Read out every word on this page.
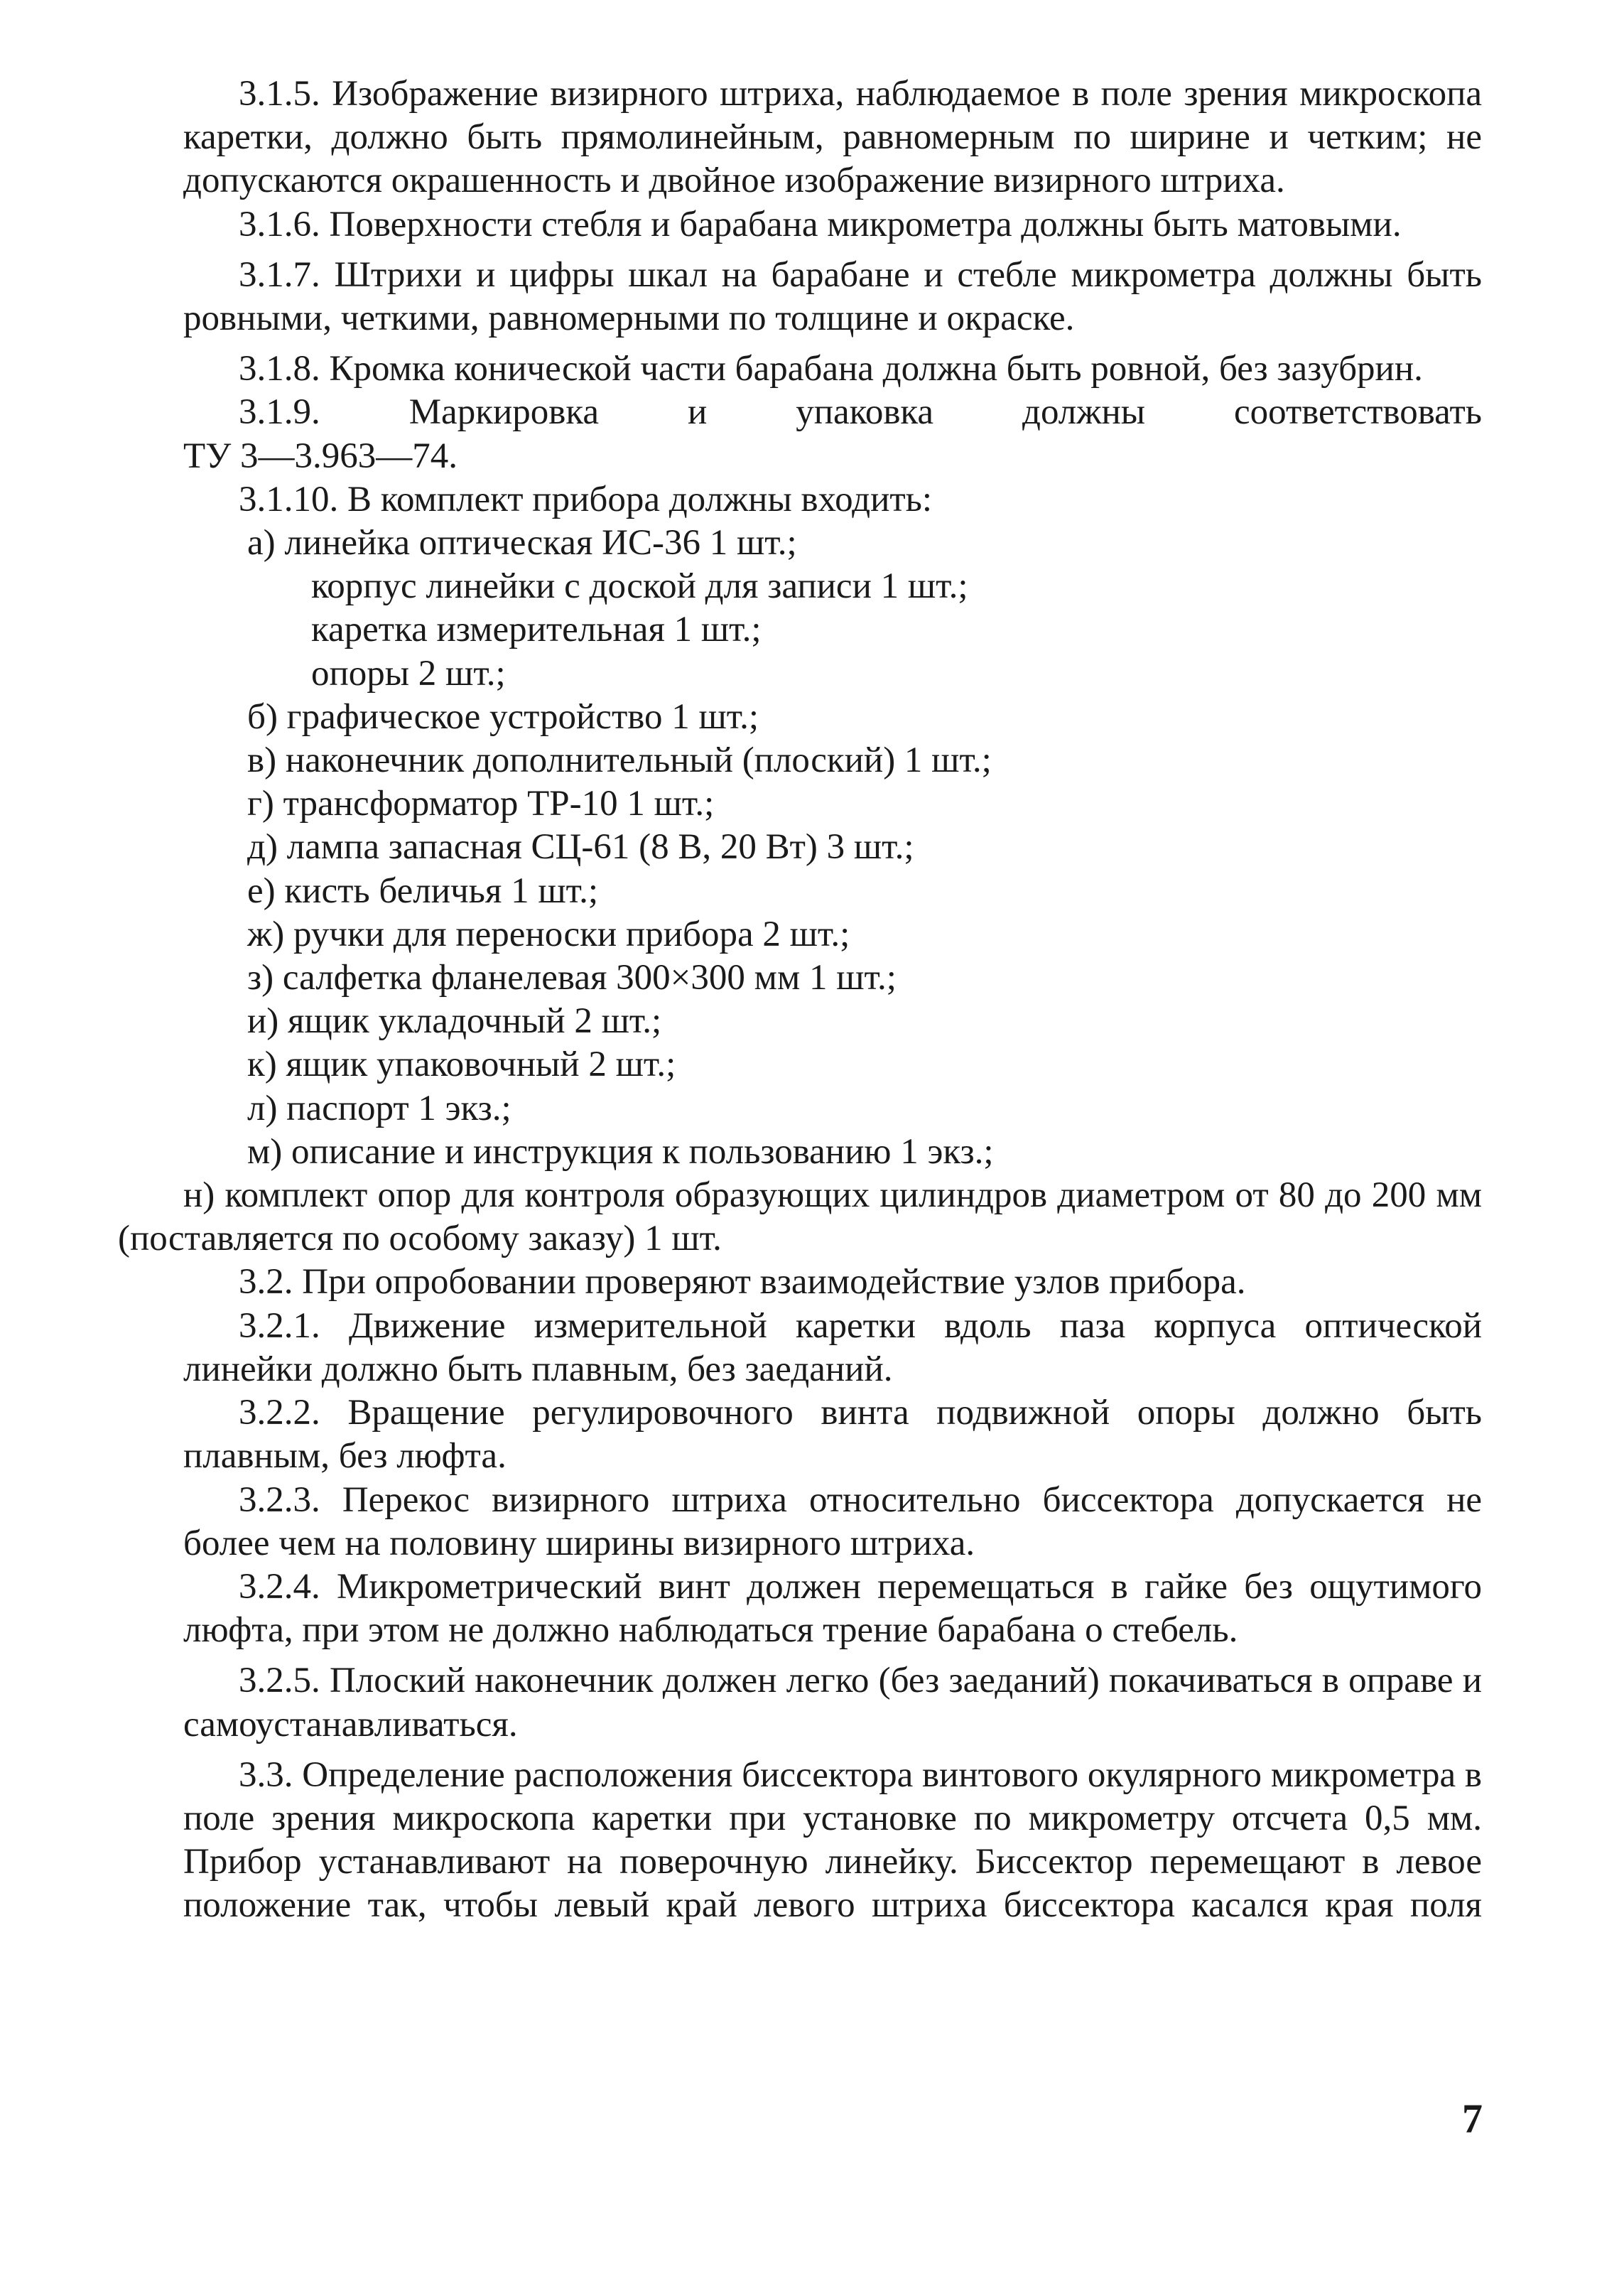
3.1.5. Изображение визирного штриха, наблюдаемое в поле зрения микроскопа каретки, должно быть прямолинейным, равномерным по ширине и четким; не допускаются окрашенность и двойное изображение визирного штриха.

3.1.6. Поверхности стебля и барабана микрометра должны быть матовыми.

3.1.7. Штрихи и цифры шкал на барабане и стебле микрометра должны быть ровными, четкими, равномерными по толщине и окраске.

3.1.8. Кромка конической части барабана должна быть ровной, без зазубрин.

3.1.9. Маркировка и упаковка должны соответствовать

ТУ 3—3.963—74.

3.1.10. В комплект прибора должны входить:

а) линейка оптическая ИС-36 1 шт.;

корпус линейки с доской для записи 1 шт.;

каретка измерительная 1 шт.;

опоры 2 шт.;

б) графическое устройство 1 шт.;

в) наконечник дополнительный (плоский) 1 шт.;

г) трансформатор ТР-10 1 шт.;

д) лампа запасная СЦ-61 (8 В, 20 Вт) 3 шт.;

е) кисть беличья 1 шт.;

ж) ручки для переноски прибора 2 шт.;

з) салфетка фланелевая 300×300 мм 1 шт.;

и) ящик укладочный 2 шт.;

к) ящик упаковочный 2 шт.;

л) паспорт 1 экз.;

м) описание и инструкция к пользованию 1 экз.;

н) комплект опор для контроля образующих цилиндров диаметром от 80 до 200 мм (поставляется по особому заказу) 1 шт.

3.2. При опробовании проверяют взаимодействие узлов прибора.

3.2.1. Движение измерительной каретки вдоль паза корпуса оптической линейки должно быть плавным, без заеданий.

3.2.2. Вращение регулировочного винта подвижной опоры должно быть плавным, без люфта.

3.2.3. Перекос визирного штриха относительно биссектора допускается не более чем на половину ширины визирного штриха.

3.2.4. Микрометрический винт должен перемещаться в гайке без ощутимого люфта, при этом не должно наблюдаться трение барабана о стебель.

3.2.5. Плоский наконечник должен легко (без заеданий) покачиваться в оправе и самоустанавливаться.

3.3. Определение расположения биссектора винтового окулярного микрометра в поле зрения микроскопа каретки при установке по микрометру отсчета 0,5 мм. Прибор устанавливают на поверочную линейку. Биссектор перемещают в левое положение так, чтобы левый край левого штриха биссектора касался края поля

7
